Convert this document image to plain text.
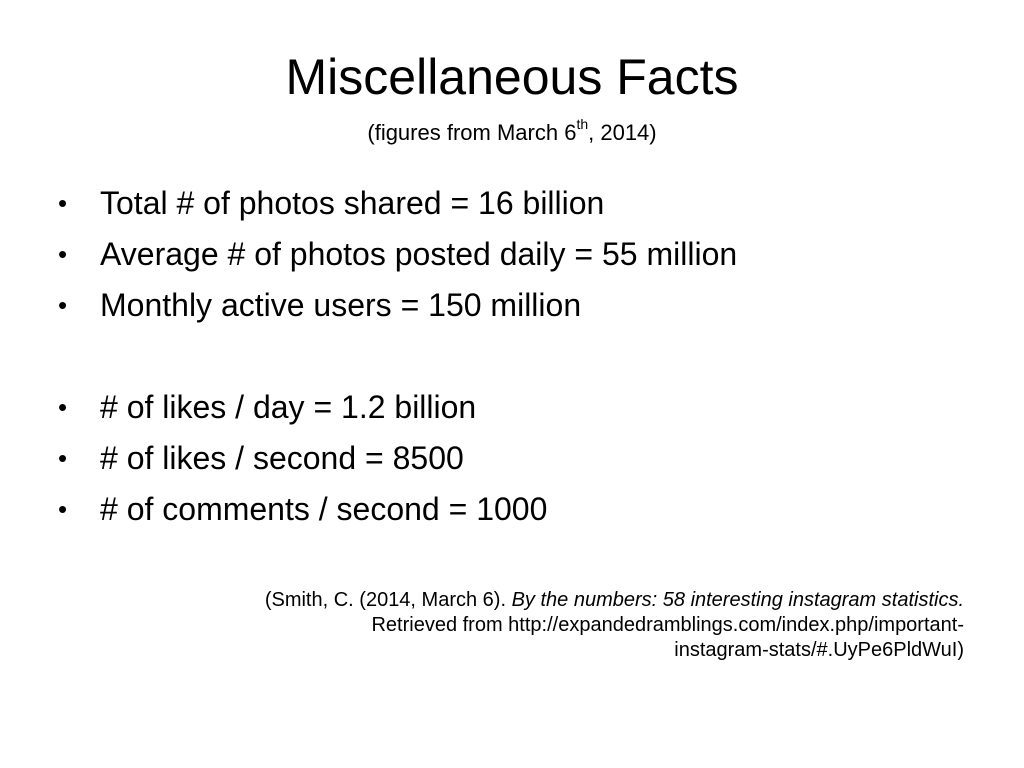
Miscellaneous Facts
(figures from March 6th, 2014)
• Total # of photos shared = 16 billion
• Average # of photos posted daily = 55 million
• Monthly active users = 150 million
• # of likes / day = 1.2 billion
• # of likes / second = 8500
• # of comments / second = 1000
(Smith, C. (2014, March 6). By the numbers: 58 interesting instagram statistics.
Retrieved from http://expandedramblings.com/index.php/important-
instagram-stats/#.UyPe6PldWuI)
